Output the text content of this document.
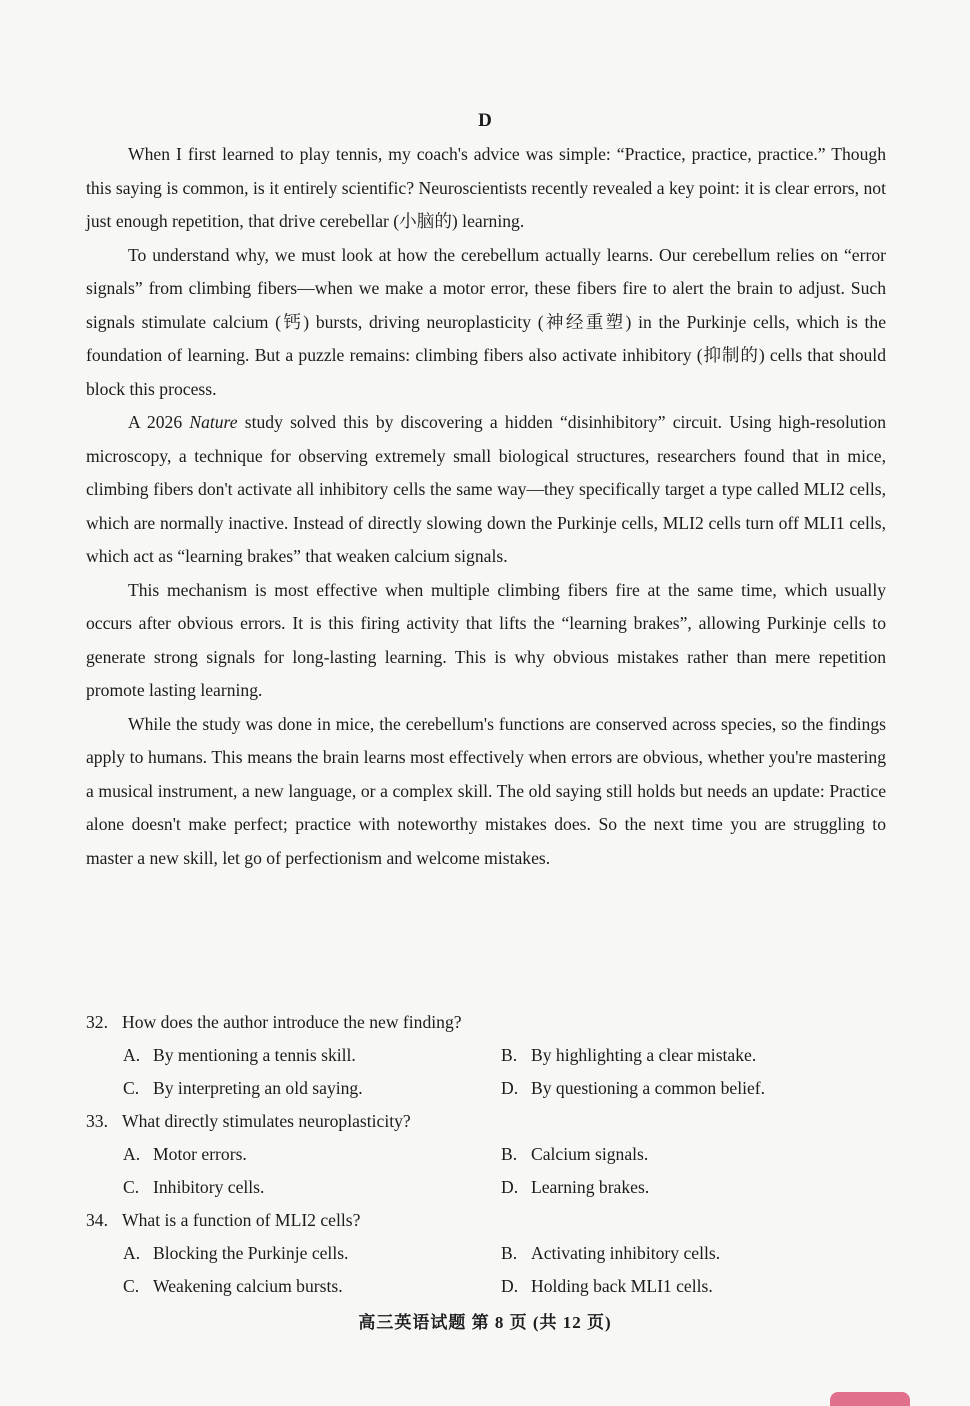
D

When I first learned to play tennis, my coach's advice was simple: “Practice, practice, practice.” Though this saying is common, is it entirely scientific? Neuroscientists recently revealed a key point: it is clear errors, not just enough repetition, that drive cerebellar (小脑的) learning.

To understand why, we must look at how the cerebellum actually learns. Our cerebellum relies on “error signals” from climbing fibers—when we make a motor error, these fibers fire to alert the brain to adjust. Such signals stimulate calcium (钙) bursts, driving neuroplasticity (神经重塑) in the Purkinje cells, which is the foundation of learning. But a puzzle remains: climbing fibers also activate inhibitory (抑制的) cells that should block this process.

A 2026 Nature study solved this by discovering a hidden “disinhibitory” circuit. Using high-resolution microscopy, a technique for observing extremely small biological structures, researchers found that in mice, climbing fibers don't activate all inhibitory cells the same way—they specifically target a type called MLI2 cells, which are normally inactive. Instead of directly slowing down the Purkinje cells, MLI2 cells turn off MLI1 cells, which act as “learning brakes” that weaken calcium signals.

This mechanism is most effective when multiple climbing fibers fire at the same time, which usually occurs after obvious errors. It is this firing activity that lifts the “learning brakes”, allowing Purkinje cells to generate strong signals for long-lasting learning. This is why obvious mistakes rather than mere repetition promote lasting learning.

While the study was done in mice, the cerebellum's functions are conserved across species, so the findings apply to humans. This means the brain learns most effectively when errors are obvious, whether you're mastering a musical instrument, a new language, or a complex skill. The old saying still holds but needs an update: Practice alone doesn't make perfect; practice with noteworthy mistakes does. So the next time you are struggling to master a new skill, let go of perfectionism and welcome mistakes.

32. How does the author introduce the new finding?

A. By mentioning a tennis skill.	B. By highlighting a clear mistake.
C. By interpreting an old saying.	D. By questioning a common belief.

33. What directly stimulates neuroplasticity?

A. Motor errors.	B. Calcium signals.
C. Inhibitory cells.	D. Learning brakes.

34. What is a function of MLI2 cells?

A. Blocking the Purkinje cells.	B. Activating inhibitory cells.
C. Weakening calcium bursts.	D. Holding back MLI1 cells.
高三英语试题 第 8 页 (共 12 页)
